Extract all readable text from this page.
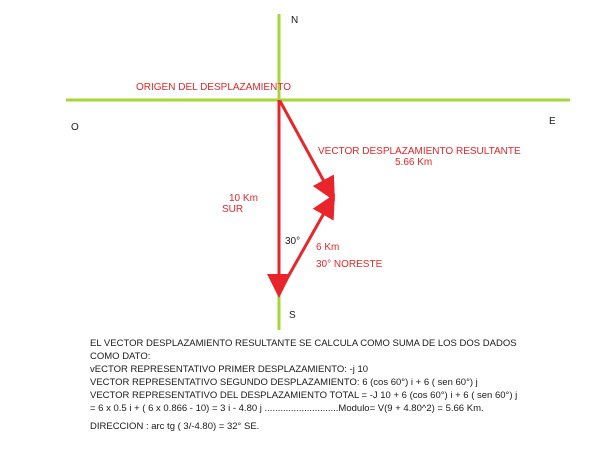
N
S
E
O
ORIGEN DEL DESPLAZAMIENTO
VECTOR DESPLAZAMIENTO RESULTANTE
5.66 Km
10 Km
SUR
30°
6 Km
30° NORESTE
EL VECTOR DESPLAZAMIENTO RESULTANTE SE CALCULA COMO SUMA DE LOS DOS DADOS
COMO DATO:
vECTOR REPRESENTATIVO PRIMER DESPLAZAMIENTO: -j 10
VECTOR REPRESENTATIVO SEGUNDO DESPLAZAMIENTO: 6 (cos 60°) i + 6 ( sen 60°) j
VECTOR REPRESENTATIVO DEL DESPLAZAMIENTO TOTAL = -J 10 + 6 (cos 60°) i + 6 ( sen 60°) j
= 6 x 0.5 i + ( 6 x 0.866 - 10) = 3 i - 4.80 j ............................Modulo= V(9 + 4.80^2) = 5.66 Km.
DIRECCION : arc tg ( 3/-4.80) = 32° SE.
